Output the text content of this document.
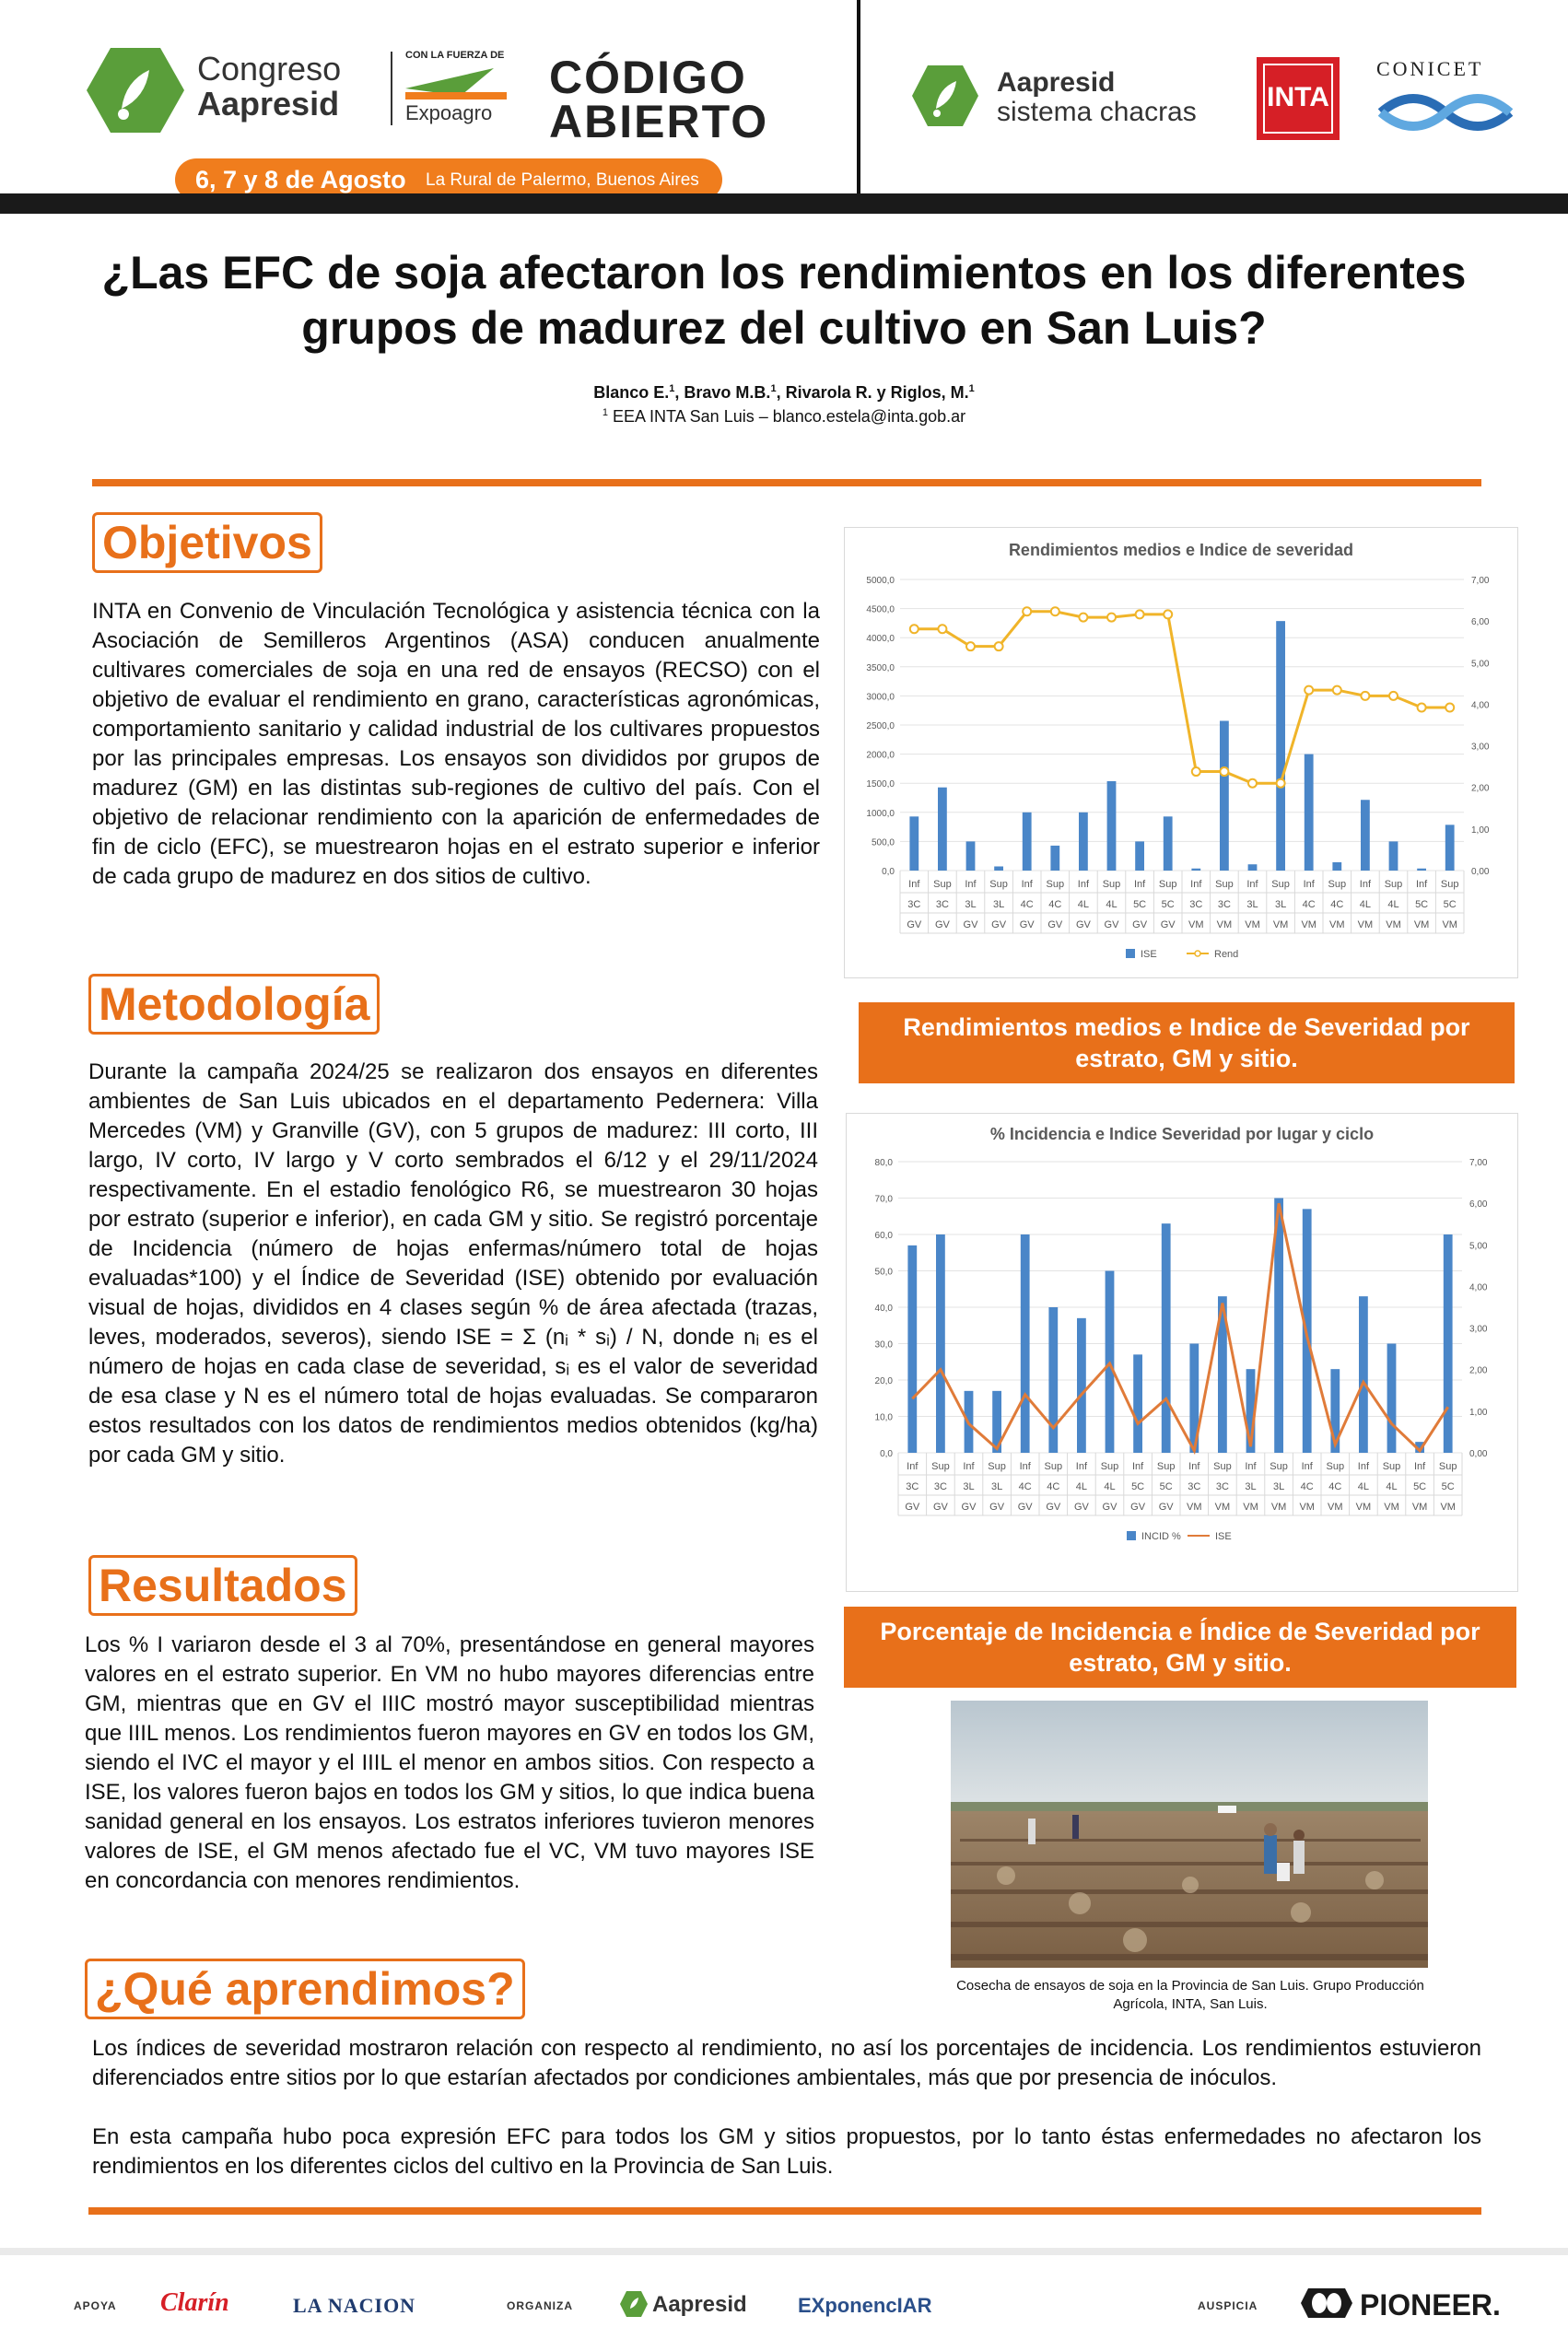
Congreso
Aapresid
CON LA FUERZA DE
Expoagro
CÓDIGO
ABIERTO
6, 7 y 8 de Agosto La Rural de Palermo, Buenos Aires
Aapresid
sistema chacras	INTA
CONICET
¿Las EFC de soja afectaron los rendimientos en los diferentes
grupos de madurez del cultivo en San Luis?
Blanco E.$^1$, Bravo M.B.$^1$, Rivarola R. y Riglos, M.$^1$
$^1$ EEA INTA San Luis – blanco.estela@inta.gob.ar
Objetivos
INTA en Convenio de Vinculación Tecnológica y asistencia técnica con la Asociación de Semilleros Argentinos (ASA) conducen anualmente cultivares comerciales de soja en una red de ensayos (RECSO) con el objetivo de evaluar el rendimiento en grano, características agronómicas, comportamiento sanitario y calidad industrial de los cultivares propuestos por las principales empresas. Los ensayos son divididos por grupos de madurez (GM) en las distintas sub-regiones de cultivo del país. Con el objetivo de relacionar rendimiento con la aparición de enfermedades de fin de ciclo (EFC), se muestrearon hojas en el estrato superior e inferior de cada grupo de madurez en dos sitios de cultivo.
Metodología
Durante la campaña 2024/25 se realizaron dos ensayos en diferentes ambientes de San Luis ubicados en el departamento Pedernera: Villa Mercedes (VM) y Granville (GV), con 5 grupos de madurez: III corto, III largo, IV corto, IV largo y V corto sembrados el 6/12 y el 29/11/2024 respectivamente. En el estadio fenológico R6, se muestrearon 30 hojas por estrato (superior e inferior), en cada GM y sitio. Se registró porcentaje de Incidencia (número de hojas enfermas/número total de hojas evaluadas*100) y el Índice de Severidad (ISE) obtenido por evaluación visual de hojas, divididos en 4 clases según % de área afectada (trazas, leves, moderados, severos), siendo ISE = Σ (nᵢ * sᵢ) / N, donde nᵢ es el número de hojas en cada clase de severidad, sᵢ es el valor de severidad de esa clase y N es el número total de hojas evaluadas. Se compararon estos resultados con los datos de rendimientos medios obtenidos (kg/ha) por cada GM y sitio.
Resultados
Los % I variaron desde el 3 al 70%, presentándose en general mayores valores en el estrato superior. En VM no hubo mayores diferencias entre GM, mientras que en GV el IIIC mostró mayor susceptibilidad mientras que IIIL menos. Los rendimientos fueron mayores en GV en todos los GM, siendo el IVC el mayor y el IIIL el menor en ambos sitios. Con respecto a ISE, los valores fueron bajos en todos los GM y sitios, lo que indica buena sanidad general en los ensayos. Los estratos inferiores tuvieron menores valores de ISE, el GM menos afectado fue el VC, VM tuvo mayores ISE en concordancia con menores rendimientos.
¿Qué aprendimos?
Rendimientos medios e Indice de severidad
0,0
500,0
1000,0
1500,0
2000,0
2500,0
3000,0
3500,0
4000,0
4500,0
5000,0
0,00
1,00
2,00
3,00
4,00
5,00
6,00
7,00
Inf Sup Inf Sup Inf Sup Inf Sup Inf Sup Inf Sup Inf Sup Inf Sup Inf Sup Inf Sup
3C 3C 3L 3L 4C 4C 4L 4L 5C 5C 3C 3C 3L 3L 4C 4C 4L 4L 5C 5C
GV GV GV GV GV GV GV GV GV GV VM VM VM VM VM VM VM VM VM VM
ISE	Rend
Rendimientos medios e Indice de Severidad por estrato, GM y sitio.
% Incidencia e Indice Severidad por lugar y ciclo
0,0
10,0
20,0
30,0
40,0
50,0
60,0
70,0
80,0
0,00
1,00
2,00
3,00
4,00
5,00
6,00
7,00
Inf Sup Inf Sup Inf Sup Inf Sup Inf Sup Inf Sup Inf Sup Inf Sup Inf Sup Inf Sup
3C 3C 3L 3L 4C 4C 4L 4L 5C 5C 3C 3C 3L 3L 4C 4C 4L 4L 5C 5C
GV GV GV GV GV GV GV GV GV GV VM VM VM VM VM VM VM VM VM VM
INCID %	ISE
Porcentaje de Incidencia e Índice de Severidad por estrato, GM y sitio.
Cosecha de ensayos de soja en la Provincia de San Luis. Grupo Producción Agrícola, INTA, San Luis.
Los índices de severidad mostraron relación con respecto al rendimiento, no así los porcentajes de incidencia. Los rendimientos estuvieron diferenciados entre sitios por lo que estarían afectados por condiciones ambientales, más que por presencia de inóculos.
En esta campaña hubo poca expresión EFC para todos los GM y sitios propuestos, por lo tanto éstas enfermedades no afectaron los rendimientos en los diferentes ciclos del cultivo en la Provincia de San Luis.
APOYA Clarín	LA NACION	ORGANIZA	Aapresid	EXponencIAR	AUSPICIA	PIONEER.
